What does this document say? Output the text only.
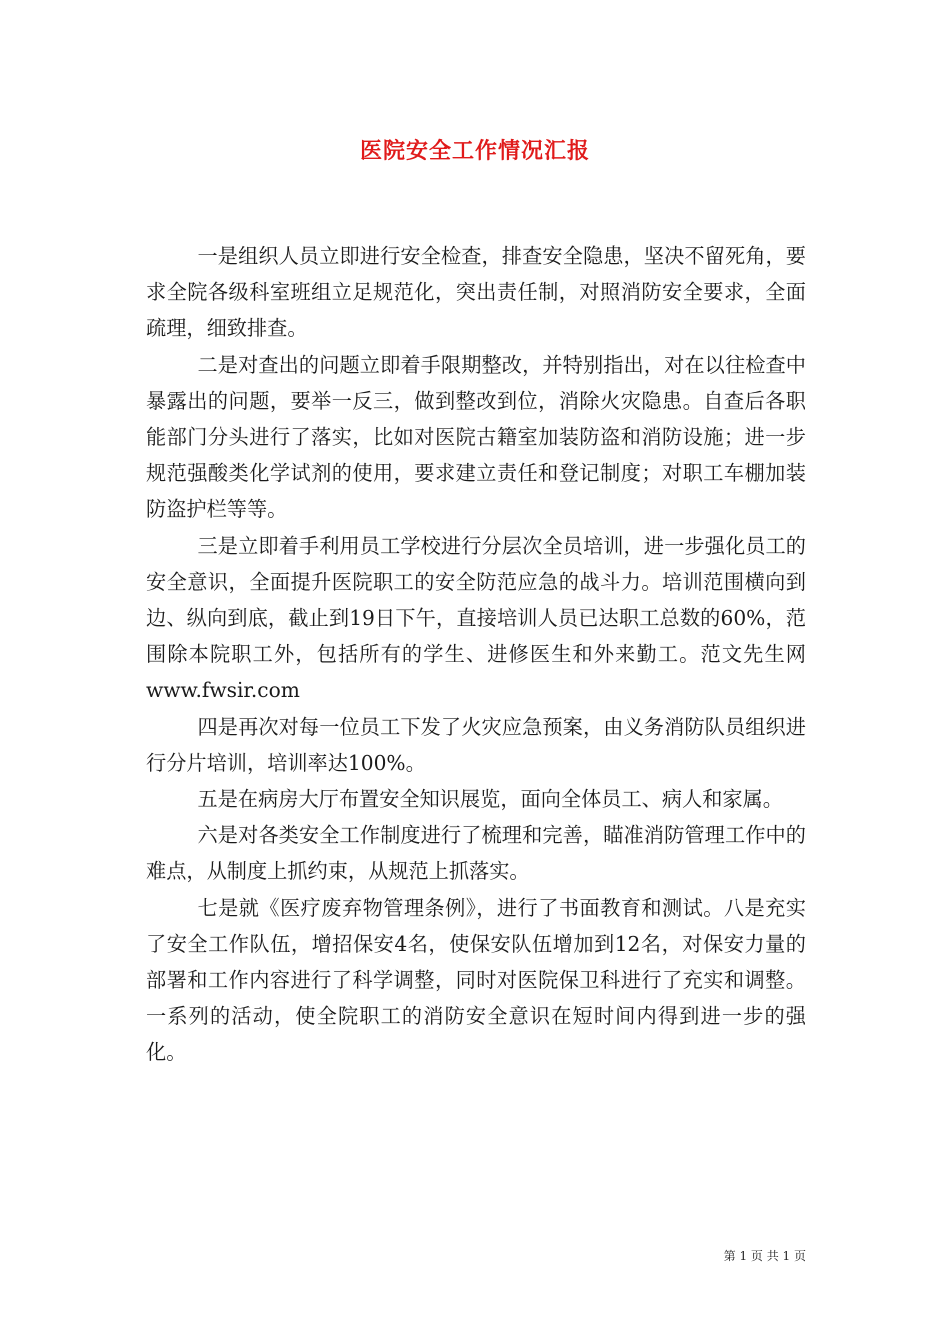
医院安全工作情况汇报

一是组织人员立即进行安全检查，排查安全隐患，坚决不留死角，要求全院各级科室班组立足规范化，突出责任制，对照消防安全要求，全面疏理，细致排查。

二是对查出的问题立即着手限期整改，并特别指出，对在以往检查中暴露出的问题，要举一反三，做到整改到位，消除火灾隐患。自查后各职能部门分头进行了落实，比如对医院古籍室加装防盗和消防设施；进一步规范强酸类化学试剂的使用，要求建立责任和登记制度；对职工车棚加装防盗护栏等等。

三是立即着手利用员工学校进行分层次全员培训，进一步强化员工的安全意识，全面提升医院职工的安全防范应急的战斗力。培训范围横向到边、纵向到底，截止到19日下午，直接培训人员已达职工总数的60%，范围除本院职工外，包括所有的学生、进修医生和外来勤工。范文先生网www.fwsir.com

四是再次对每一位员工下发了火灾应急预案，由义务消防队员组织进行分片培训，培训率达100%。

五是在病房大厅布置安全知识展览，面向全体员工、病人和家属。

六是对各类安全工作制度进行了梳理和完善，瞄准消防管理工作中的难点，从制度上抓约束，从规范上抓落实。

七是就《医疗废弃物管理条例》，进行了书面教育和测试。八是充实了安全工作队伍，增招保安4名，使保安队伍增加到12名，对保安力量的部署和工作内容进行了科学调整，同时对医院保卫科进行了充实和调整。一系列的活动，使全院职工的消防安全意识在短时间内得到进一步的强化。

第 1 页 共 1 页
